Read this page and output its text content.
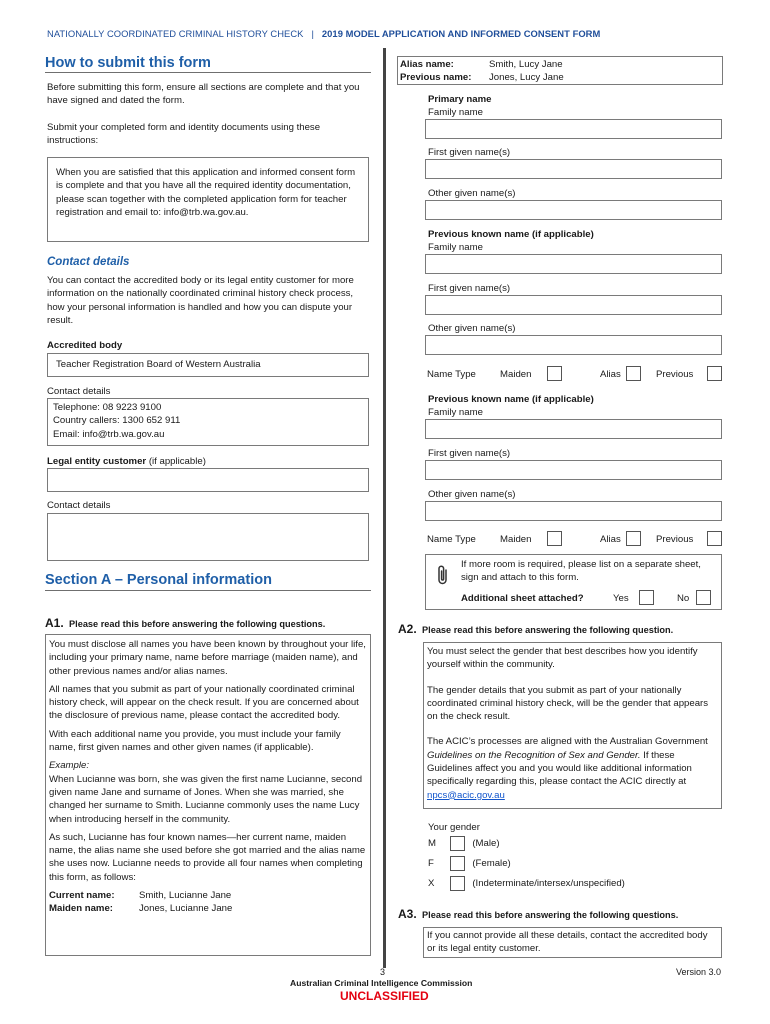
NATIONALLY COORDINATED CRIMINAL HISTORY CHECK | 2019 MODEL APPLICATION AND INFORMED CONSENT FORM
How to submit this form

Before submitting this form, ensure all sections are complete and that you have signed and dated the form.

Submit your completed form and identity documents using these instructions:

When you are satisfied that this application and informed consent form is complete and that you have all the required identity documentation, please scan together with the completed application form for teacher registration and email to: info@trb.wa.gov.au.

Contact details

You can contact the accredited body or its legal entity customer for more information on the nationally coordinated criminal history check process, how your personal information is handled and how you can dispute your result.

Accredited body
Teacher Registration Board of Western Australia
Contact details
Telephone: 08 9223 9100
Country callers: 1300 652 911
Email: info@trb.wa.gov.au
Legal entity customer (if applicable)
Contact details
Section A – Personal information
A1. Please read this before answering the following questions.

You must disclose all names you have been known by throughout your life, including your primary name, name before marriage (maiden name), and other previous names and/or alias names.

All names that you submit as part of your nationally coordinated criminal history check, will appear on the check result. If you are concerned about the disclosure of previous name, please contact the accredited body.

With each additional name you provide, you must include your family name, first given names and other given names (if applicable).

Example:

When Lucianne was born, she was given the first name Lucianne, second given name Jane and surname of Jones. When she was married, she changed her surname to Smith. Lucianne commonly uses the name Lucy when introducing herself in the community.

As such, Lucianne has four known names—her current name, maiden name, the alias name she used before she got married and the alias name she uses now. Lucianne needs to provide all four names when completing this form, as follows:

Current name:	Smith, Lucianne Jane
Maiden name:	Jones, Lucianne Jane
Alias name:	Smith, Lucy Jane
Previous name: Jones, Lucy Jane
Primary name
Family name
First given name(s)
Other given name(s)
Previous known name (if applicable)
Family name
First given name(s)
Other given name(s)
Name Type	Maiden	Alias	Previous
Previous known name (if applicable)
Family name
First given name(s)
Other given name(s)
Name Type	Maiden	Alias	Previous

If more room is required, please list on a separate sheet, sign and attach to this form.

Additional sheet attached?	Yes	No
A2. Please read this before answering the following question.

You must select the gender that best describes how you identify yourself within the community.

The gender details that you submit as part of your nationally coordinated criminal history check, will be the gender that appears on the check result.

The ACIC’s processes are aligned with the Australian Government Guidelines on the Recognition of Sex and Gender. If these Guidelines affect you and you would like additional information specifically regarding this, please contact the ACIC directly at npcs@acic.gov.au

Your gender
M	(Male)
F	(Female)
X	(Indeterminate/intersex/unspecified)
A3. Please read this before answering the following questions.

If you cannot provide all these details, contact the accredited body or its legal entity customer.

3
Australian Criminal Intelligence Commission
UNCLASSIFIED
Version 3.0
